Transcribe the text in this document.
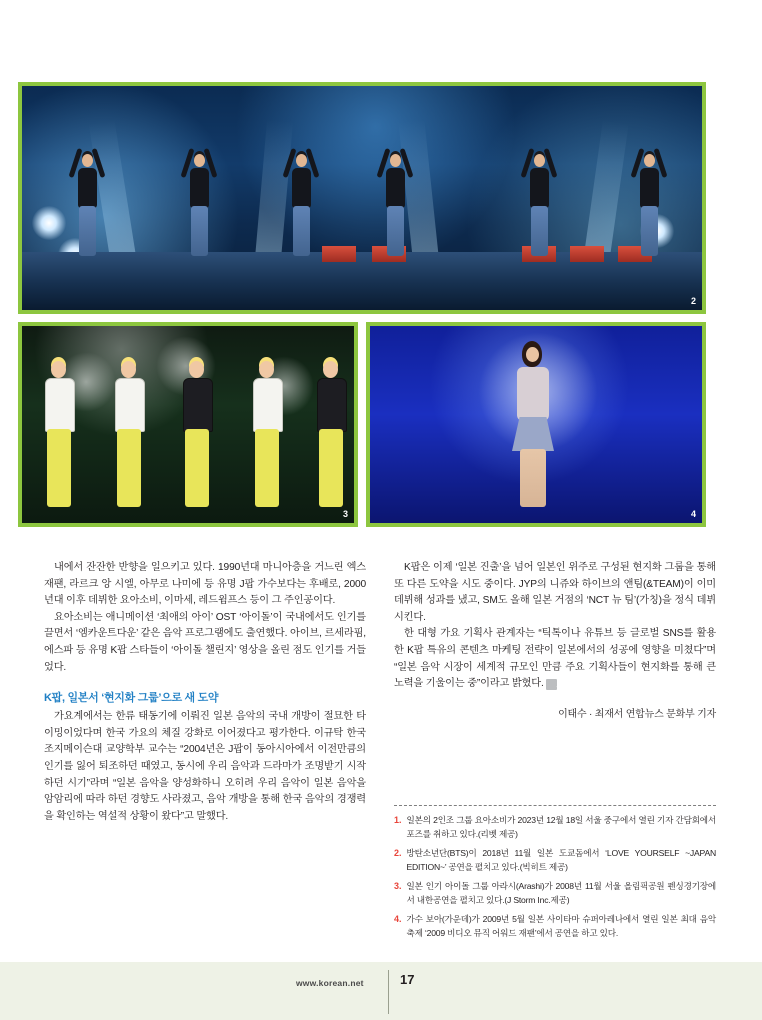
2
3	4

내에서 잔잔한 반향을 일으키고 있다. 1990년대 마니아층을 거느린 엑스재팬, 라르크 앙 시엘, 아무로 나미에 등 유명 J팝 가수보다는 후배로, 2000년대 이후 데뷔한 요아소비, 이마세, 레드윔프스 등이 그 주인공이다.

요아소비는 애니메이션 ‘최애의 아이’ OST ‘아이돌’이 국내에서도 인기를 끌면서 ‘엠카운트다운’ 같은 음악 프로그램에도 출연했다. 아이브, 르세라핌, 에스파 등 유명 K팝 스타들이 ‘아이돌 챌린지’ 영상을 올린 점도 인기를 거들었다.

K팝, 일본서 ‘현지화 그룹’으로 새 도약

가요계에서는 한류 태동기에 이뤄진 일본 음악의 국내 개방이 절묘한 타이밍이었다며 한국 가요의 체질 강화로 이어졌다고 평가한다. 이규탁 한국 조지메이슨대 교양학부 교수는 “2004년은 J팝이 동아시아에서 이전만큼의 인기를 잃어 퇴조하던 때였고, 동시에 우리 음악과 드라마가 조명받기 시작하던 시기”라며 “일본 음악을 양성화하니 오히려 우리 음악이 일본 음악을 암암리에 따라 하던 경향도 사라졌고, 음악 개방을 통해 한국 음악의 경쟁력을 확인하는 역설적 상황이 왔다”고 말했다.

K팝은 이제 ‘일본 진출’을 넘어 일본인 위주로 구성된 현지화 그룹을 통해 또 다른 도약을 시도 중이다. JYP의 니쥬와 하이브의 앤팀(&TEAM)이 이미 데뷔해 성과를 냈고, SM도 올해 일본 거점의 ‘NCT 뉴 팀’(가칭)을 정식 데뷔시킨다.

한 대형 가요 기획사 관계자는 “틱톡이나 유튜브 등 글로벌 SNS를 활용한 K팝 특유의 콘텐츠 마케팅 전략이 일본에서의 성공에 영향을 미쳤다”며 “일본 음악 시장이 세계적 규모인 만큼 주요 기획사들이 현지화를 통해 큰 노력을 기울이는 중”이라고 밝혔다. ♬

이태수 · 최재서 연합뉴스 문화부 기자
1. 일본의 2인조 그룹 요아소비가 2023년 12월 18일 서울 중구에서 열린 기자 간담회에서 포즈를 취하고 있다.(리벳 제공)
2. 방탄소년단(BTS)이 2018년 11월 일본 도쿄돔에서 ‘LOVE YOURSELF ~JAPAN EDITION~’ 공연을 펼치고 있다.(빅히트 제공)
3. 일본 인기 아이돌 그룹 아라시(Arashi)가 2008년 11월 서울 올림픽공원 펜싱경기장에서 내한공연을 펼치고 있다.(J Storm Inc.제공)
4. 가수 보아(가운데)가 2009년 5월 일본 사이타마 슈퍼아레나에서 열린 일본 최대 음악 축제 ‘2009 비디오 뮤직 어워드 재팬’에서 공연을 하고 있다.
www.korean.net	17
